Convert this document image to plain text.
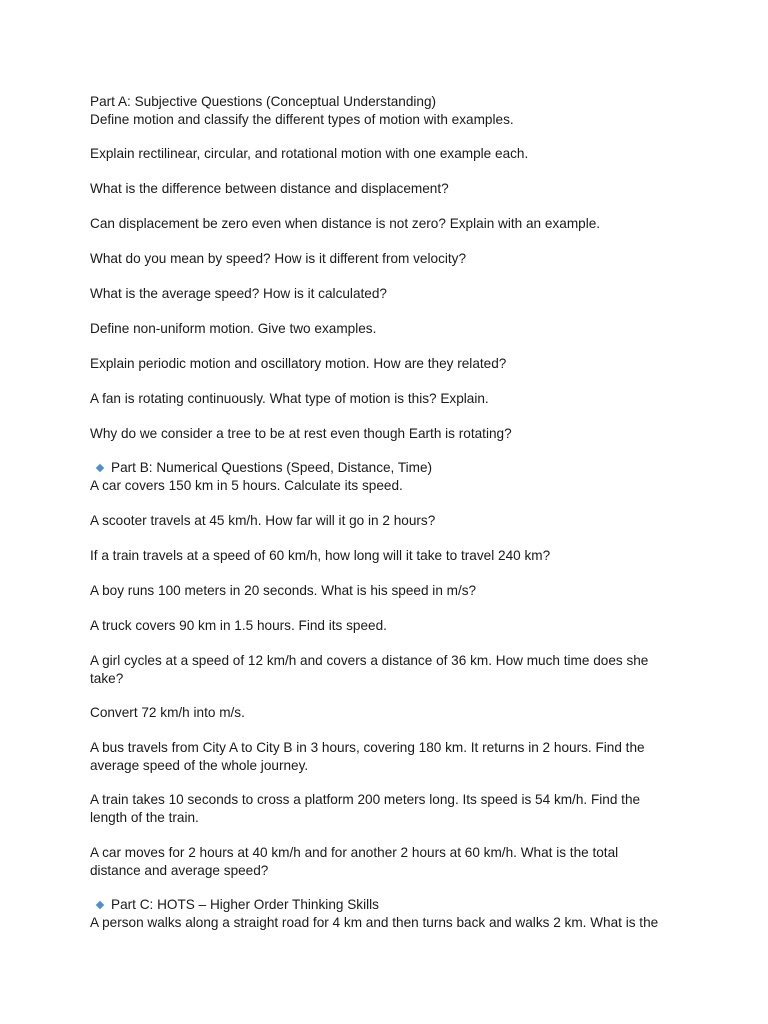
Part A: Subjective Questions (Conceptual Understanding)
Define motion and classify the different types of motion with examples.
Explain rectilinear, circular, and rotational motion with one example each.
What is the difference between distance and displacement?
Can displacement be zero even when distance is not zero? Explain with an example.
What do you mean by speed? How is it different from velocity?
What is the average speed? How is it calculated?
Define non-uniform motion. Give two examples.
Explain periodic motion and oscillatory motion. How are they related?
A fan is rotating continuously. What type of motion is this? Explain.
Why do we consider a tree to be at rest even though Earth is rotating?
Part B: Numerical Questions (Speed, Distance, Time)
A car covers 150 km in 5 hours. Calculate its speed.
A scooter travels at 45 km/h. How far will it go in 2 hours?
If a train travels at a speed of 60 km/h, how long will it take to travel 240 km?
A boy runs 100 meters in 20 seconds. What is his speed in m/s?
A truck covers 90 km in 1.5 hours. Find its speed.
A girl cycles at a speed of 12 km/h and covers a distance of 36 km. How much time does she take?
Convert 72 km/h into m/s.
A bus travels from City A to City B in 3 hours, covering 180 km. It returns in 2 hours. Find the average speed of the whole journey.
A train takes 10 seconds to cross a platform 200 meters long. Its speed is 54 km/h. Find the length of the train.
A car moves for 2 hours at 40 km/h and for another 2 hours at 60 km/h. What is the total distance and average speed?
Part C: HOTS – Higher Order Thinking Skills
A person walks along a straight road for 4 km and then turns back and walks 2 km. What is the
